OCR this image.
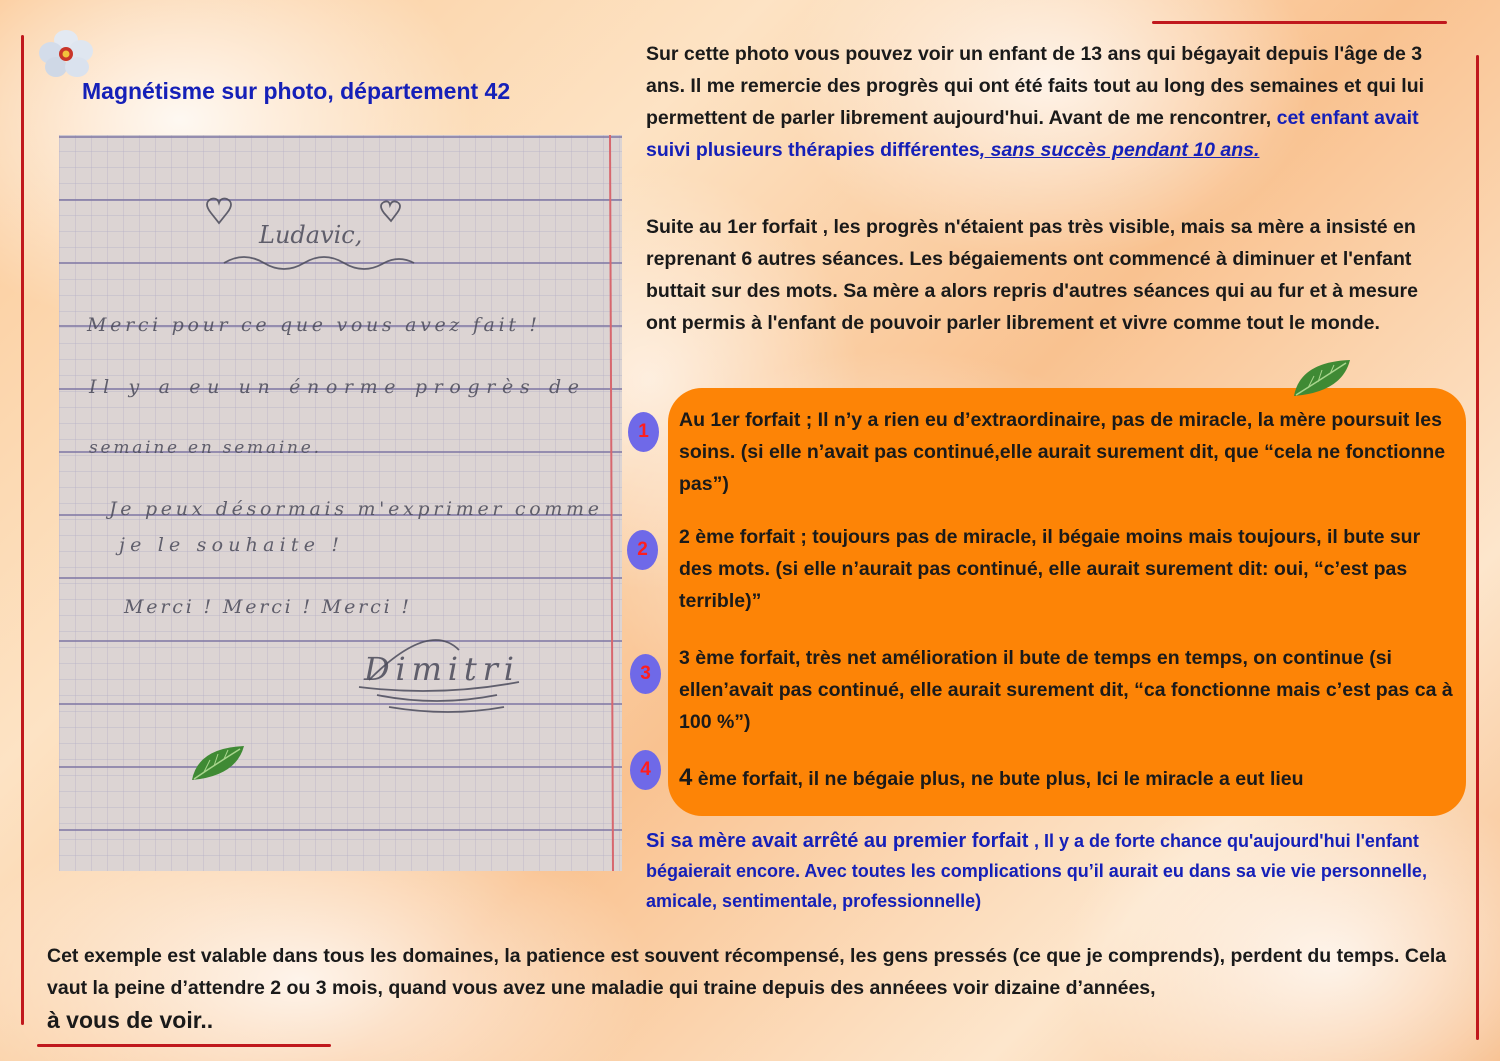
Magnétisme sur photo, département 42
Ludavic,
Merci pour ce que vous avez fait !
Il y a eu un énorme progrès de
semaine en semaine.
Je peux désormais m'exprimer comme
je le souhaite !
Merci ! Merci ! Merci !
Dimitri
Sur cette photo vous pouvez voir un enfant de 13 ans qui bégayait depuis l'âge de 3 ans. Il me remercie des progrès qui ont été faits tout au long des semaines et qui lui permettent de parler librement aujourd'hui. Avant de me rencontrer, cet enfant avait suivi plusieurs thérapies différentes, sans succès pendant 10 ans.
Suite au 1er forfait , les progrès n'étaient pas très visible, mais sa mère a insisté en reprenant 6 autres séances. Les bégaiements ont commencé à diminuer et l'enfant buttait sur des mots. Sa mère a alors repris d'autres séances qui au fur et à mesure ont permis à l'enfant de pouvoir parler librement et vivre comme tout le monde.
1
2
3
4
Au 1er forfait ; Il n’y a rien eu d’extraordinaire, pas de miracle, la mère poursuit les soins. (si elle n’avait pas continué,elle aurait surement dit, que “cela ne fonctionne pas”)
2 ème forfait ; toujours pas de miracle, il bégaie moins mais toujours, il bute sur des mots. (si elle n’aurait pas continué, elle aurait surement dit: oui, “c’est pas terrible)”
3 ème forfait, très net amélioration il bute de temps en temps, on continue (si ellen’avait pas continué, elle aurait surement dit, “ca fonctionne mais c’est pas ca à 100 %”)
4 ème forfait, il ne bégaie plus, ne bute plus, Ici le miracle a eut lieu
Si sa mère avait arrêté au premier forfait , Il y a de forte chance qu'aujourd'hui l'enfant bégaierait encore. Avec toutes les complications qu’il aurait eu dans sa vie vie personnelle, amicale, sentimentale, professionnelle)
Cet exemple est valable dans tous les domaines, la patience est souvent récompensé, les gens pressés (ce que je comprends), perdent du temps. Cela vaut la peine d’attendre 2 ou 3 mois, quand vous avez une maladie qui traine depuis des annéees voir dizaine d’années,
à vous de voir..
